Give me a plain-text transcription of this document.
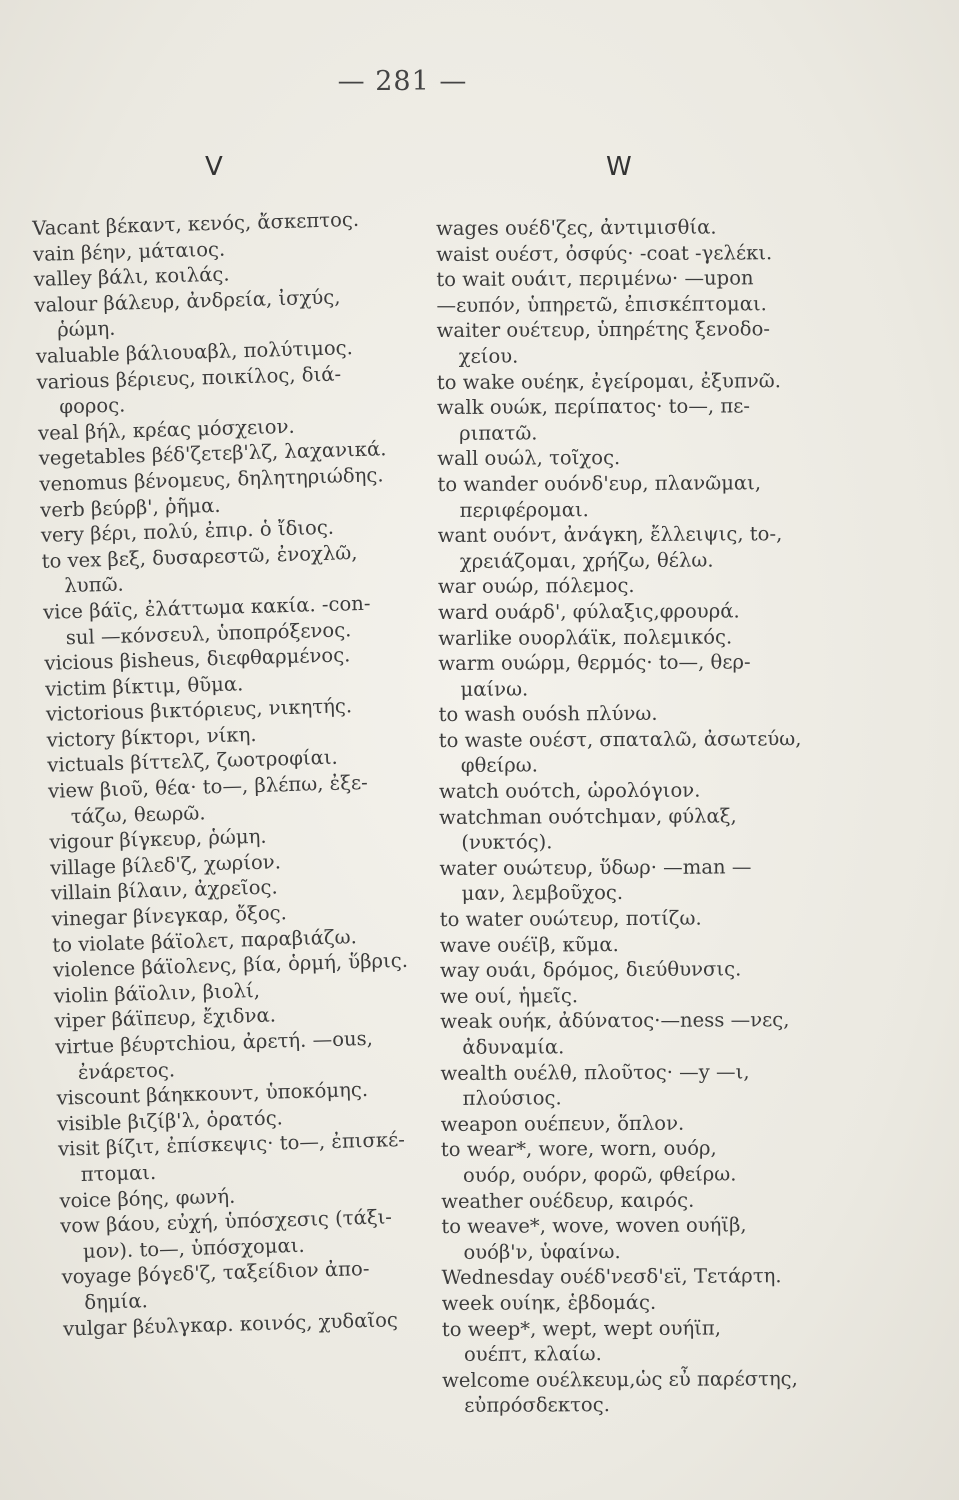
— 281 —
V	W
Vacant βέκαντ, κενός, ἄσκεπτος.
vain βέην, μάταιος.
valley βάλι, κοιλάς.
valour βάλευρ, ἀνδρεία, ἰσχύς,
ῥώμη.
valuable βάλιουαβλ, πολύτιμος.
various βέριευς, ποικίλος, διά-
φορος.
veal βήλ, κρέας μόσχειον.
vegetables βέδ'ζετεβ'λζ, λαχανικά.
venomus βένομευς, δηλητηριώδης.
verb βεύρβ', ῥῆμα.
very βέρι, πολύ, ἐπιρ. ὁ ἴδιος.
to vex βεξ, δυσαρεστῶ, ἐνοχλῶ,
λυπῶ.
vice βάϊς, ἐλάττωμα κακία. -con-
sul —κόνσευλ, ὑποπρόξενος.
vicious βisheus, διεφθαρμένος.
victim βίκτιμ, θῦμα.
victorious βικτόριευς, νικητής.
victory βίκτορι, νίκη.
victuals βίττελζ, ζωοτροφίαι.
view βιοῦ, θέα· to—, βλέπω, ἐξε-
τάζω, θεωρῶ.
vigour βίγκευρ, ῥώμη.
village βίλεδ'ζ, χωρίον.
villain βίλαιν, ἀχρεῖος.
vinegar βίνεγκαρ, ὄξος.
to violate βάϊολετ, παραβιάζω.
violence βάϊολενς, βία, ὁρμή, ὕβρις.
violin βάϊολιν, βιολί,
viper βάϊπευρ, ἔχιδνα.
virtue βέυρτchiou, ἀρετή. —ous,
ἐνάρετος.
viscount βάηκκουντ, ὑποκόμης.
visible βιζίβ'λ, ὁρατός.
visit βίζιτ, ἐπίσκεψις· to—, ἐπισκέ-
πτομαι.
voice βόης, φωνή.
vow βάου, εὐχή, ὑπόσχεσις (τάξι-
μον). to—, ὑπόσχομαι.
voyage βόγεδ'ζ, ταξείδιον ἀπο-
δημία.
vulgar βέυλγκαρ. κοινός, χυδαῖος
wages ουέδ'ζες, ἀντιμισθία.
waist ουέστ, ὀσφύς· -coat -γελέκι.
to wait ουάιτ, περιμένω· —upon
—ευπόν, ὑπηρετῶ, ἐπισκέπτομαι.
waiter ουέτευρ, ὑπηρέτης ξενοδο-
χείου.
to wake ουέηκ, ἐγείρομαι, ἐξυπνῶ.
walk ουώκ, περίπατος· to—, πε-
ριπατῶ.
wall ουώλ, τοῖχος.
to wander ουόνδ'ευρ, πλανῶμαι,
περιφέρομαι.
want ουόντ, ἀνάγκη, ἔλλειψις, to-,
χρειάζομαι, χρήζω, θέλω.
war ουώρ, πόλεμος.
ward ουάρδ', φύλαξις,φρουρά.
warlike ουορλάϊκ, πολεμικός.
warm ουώρμ, θερμός· to—, θερ-
μαίνω.
to wash ουόsh πλύνω.
to waste ουέστ, σπαταλῶ, ἀσωτεύω,
φθείρω.
watch ουότch, ὡρολόγιον.
watchman ουότchμαν, φύλαξ,
(νυκτός).
water ουώτευρ, ὕδωρ· —man —
μαν, λεμβοῦχος.
to water ουώτευρ, ποτίζω.
wave ουέϊβ, κῦμα.
way ουάι, δρόμος, διεύθυνσις.
we ουί, ἡμεῖς.
weak ουήκ, ἀδύνατος·—ness —νες,
ἀδυναμία.
wealth ουέλθ, πλοῦτος· —y —ι,
πλούσιος.
weapon ουέπευν, ὅπλον.
to wear*, wore, worn, ουόρ,
ουόρ, ουόρν, φορῶ, φθείρω.
weather ουέδευρ, καιρός.
to weave*, wove, woven ουήϊβ,
ουόβ'ν, ὑφαίνω.
Wednesday ουέδ'νεσδ'εϊ, Τετάρτη.
week ουίηκ, ἑβδομάς.
to weep*, wept, wept ουήϊπ,
ουέπτ, κλαίω.
welcome ουέλκευμ,ὡς εὖ παρέστης,
εὐπρόσδεκτος.
